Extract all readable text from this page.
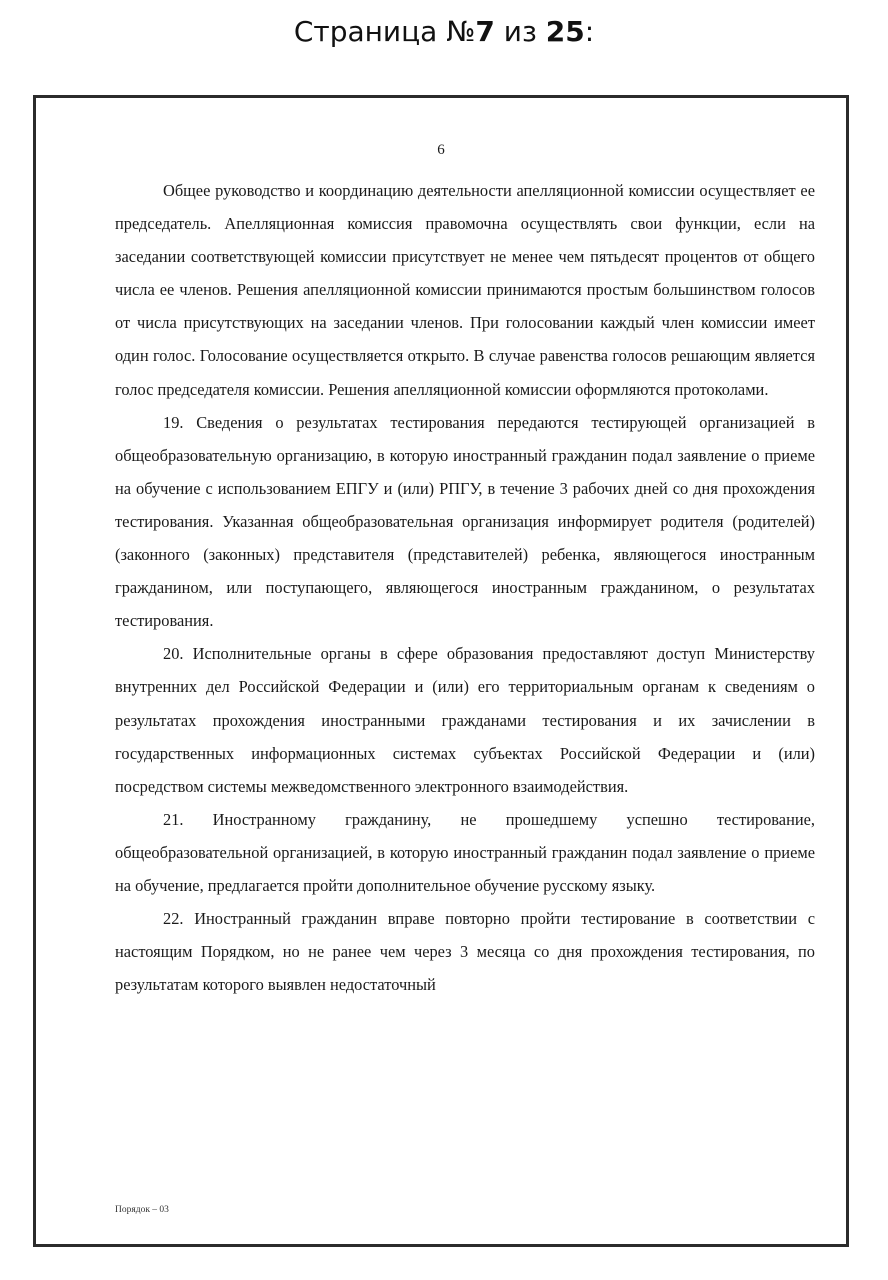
Страница №7 из 25:
6

Общее руководство и координацию деятельности апелляционной комиссии осуществляет ее председатель. Апелляционная комиссия правомочна осуществлять свои функции, если на заседании соответствующей комиссии присутствует не менее чем пятьдесят процентов от общего числа ее членов. Решения апелляционной комиссии принимаются простым большинством голосов от числа присутствующих на заседании членов. При голосовании каждый член комиссии имеет один голос. Голосование осуществляется открыто. В случае равенства голосов решающим является голос председателя комиссии. Решения апелляционной комиссии оформляются протоколами.

19. Сведения о результатах тестирования передаются тестирующей организацией в общеобразовательную организацию, в которую иностранный гражданин подал заявление о приеме на обучение с использованием ЕПГУ и (или) РПГУ, в течение 3 рабочих дней со дня прохождения тестирования. Указанная общеобразовательная организация информирует родителя (родителей) (законного (законных) представителя (представителей) ребенка, являющегося иностранным гражданином, или поступающего, являющегося иностранным гражданином, о результатах тестирования.

20. Исполнительные органы в сфере образования предоставляют доступ Министерству внутренних дел Российской Федерации и (или) его территориальным органам к сведениям о результатах прохождения иностранными гражданами тестирования и их зачислении в государственных информационных системах субъектах Российской Федерации и (или) посредством системы межведомственного электронного взаимодействия.

21. Иностранному гражданину, не прошедшему успешно тестирование, общеобразовательной организацией, в которую иностранный гражданин подал заявление о приеме на обучение, предлагается пройти дополнительное обучение русскому языку.

22. Иностранный гражданин вправе повторно пройти тестирование в соответствии с настоящим Порядком, но не ранее чем через 3 месяца со дня прохождения тестирования, по результатам которого выявлен недостаточный

Порядок – 03
